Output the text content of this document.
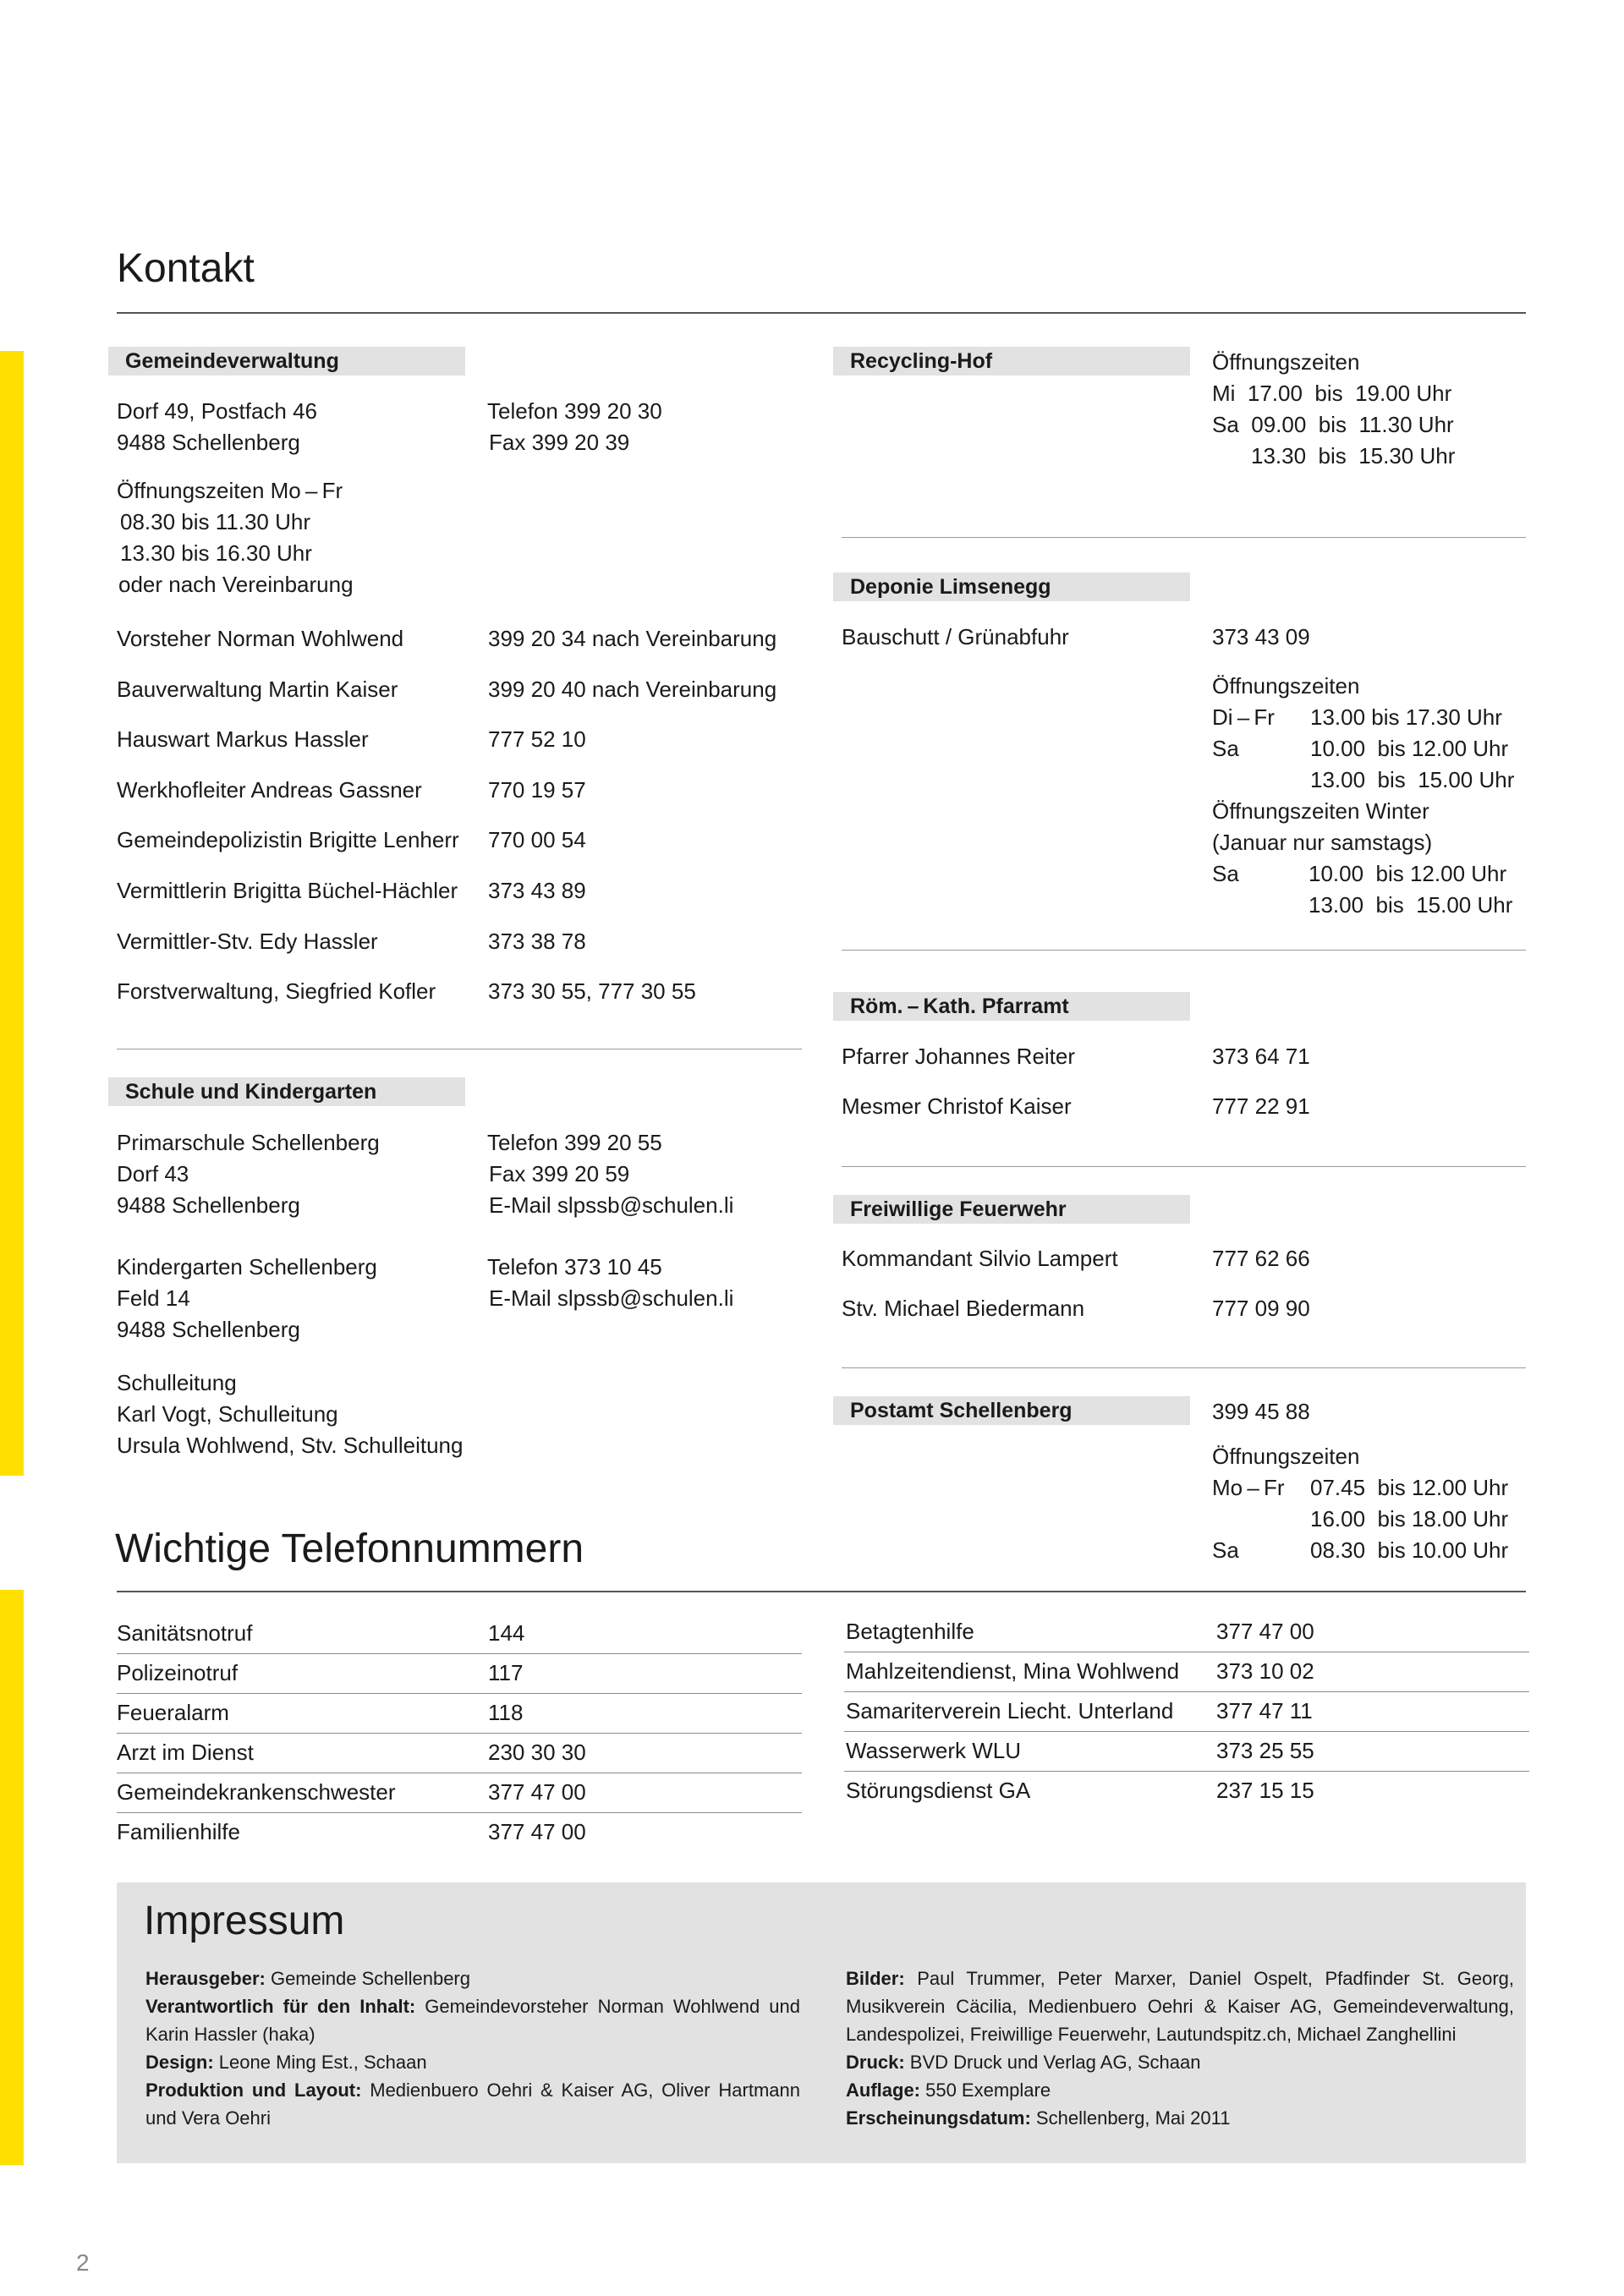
Kontakt
Gemeindeverwaltung
Dorf 49, Postfach 46
9488 Schellenberg
Telefon 399 20 30
Fax 399 20 39
Öffnungszeiten Mo – Fr
08.30 bis 11.30 Uhr
13.30 bis 16.30 Uhr
oder nach Vereinbarung
Vorsteher Norman Wohlwend	399 20 34 nach Vereinbarung
Bauverwaltung Martin Kaiser	399 20 40 nach Vereinbarung
Hauswart Markus Hassler	777 52 10
Werkhofleiter Andreas Gassner	770 19 57
Gemeindepolizistin Brigitte Lenherr 770 00 54
Vermittlerin Brigitta Büchel-Hächler 373 43 89
Vermittler-Stv. Edy Hassler	373 38 78
Forstverwaltung, Siegfried Kofler 373 30 55, 777 30 55
Schule und Kindergarten
Primarschule Schellenberg
Dorf 43
9488 Schellenberg
Telefon 399 20 55
Fax 399 20 59
E-Mail slpssb@schulen.li
Kindergarten Schellenberg
Feld 14
9488 Schellenberg
Telefon 373 10 45
E-Mail slpssb@schulen.li
Schulleitung
Karl Vogt, Schulleitung
Ursula Wohlwend, Stv. Schulleitung
Recycling-Hof	Öffnungszeiten
Mi  17.00  bis  19.00 Uhr
Sa  09.00  bis  11.30 Uhr
13.30  bis  15.30 Uhr
Deponie Limsenegg
Bauschutt / Grünabfuhr	373 43 09
Öffnungszeiten
Di – Fr 13.00 bis 17.30 Uhr
Sa	10.00  bis 12.00 Uhr
13.00  bis  15.00 Uhr
Öffnungszeiten Winter
(Januar nur samstags)
Sa	10.00  bis 12.00 Uhr
13.00  bis  15.00 Uhr
Röm. – Kath. Pfarramt
Pfarrer Johannes Reiter	373 64 71
Mesmer Christof Kaiser	777 22 91
Freiwillige Feuerwehr
Kommandant Silvio Lampert	777 62 66
Stv. Michael Biedermann	777 09 90
Postamt Schellenberg	399 45 88
Öffnungszeiten
Mo – Fr 07.45  bis 12.00 Uhr
16.00  bis 18.00 Uhr
Sa	08.30  bis 10.00 Uhr
Wichtige Telefonnummern
Sanitätsnotruf	144
Polizeinotruf	117
Feueralarm	118
Arzt im Dienst	230 30 30
Gemeindekrankenschwester	377 47 00
Familienhilfe	377 47 00
Betagtenhilfe	377 47 00
Mahlzeitendienst, Mina Wohlwend 373 10 02
Samariterverein Liecht. Unterland 377 47 11
Wasserwerk WLU	373 25 55
Störungsdienst GA	237 15 15
Impressum
Herausgeber: Gemeinde Schellenberg
Verantwortlich für den Inhalt: Gemeindevorsteher Norman Wohlwend und Karin Hassler (haka)
Design: Leone Ming Est., Schaan
Produktion und Layout: Medienbuero Oehri & Kaiser AG, Oliver Hartmann und Vera Oehri
Bilder: Paul Trummer, Peter Marxer, Daniel Ospelt, Pfadfinder St. Georg, Musikverein Cäcilia, Medienbuero Oehri & Kaiser AG, Gemeindeverwaltung, Landespolizei, Freiwillige Feuerwehr, Lautundspitz.ch, Michael Zanghellini
Druck: BVD Druck und Verlag AG, Schaan
Auflage: 550 Exemplare
Erscheinungsdatum: Schellenberg, Mai 2011
2
